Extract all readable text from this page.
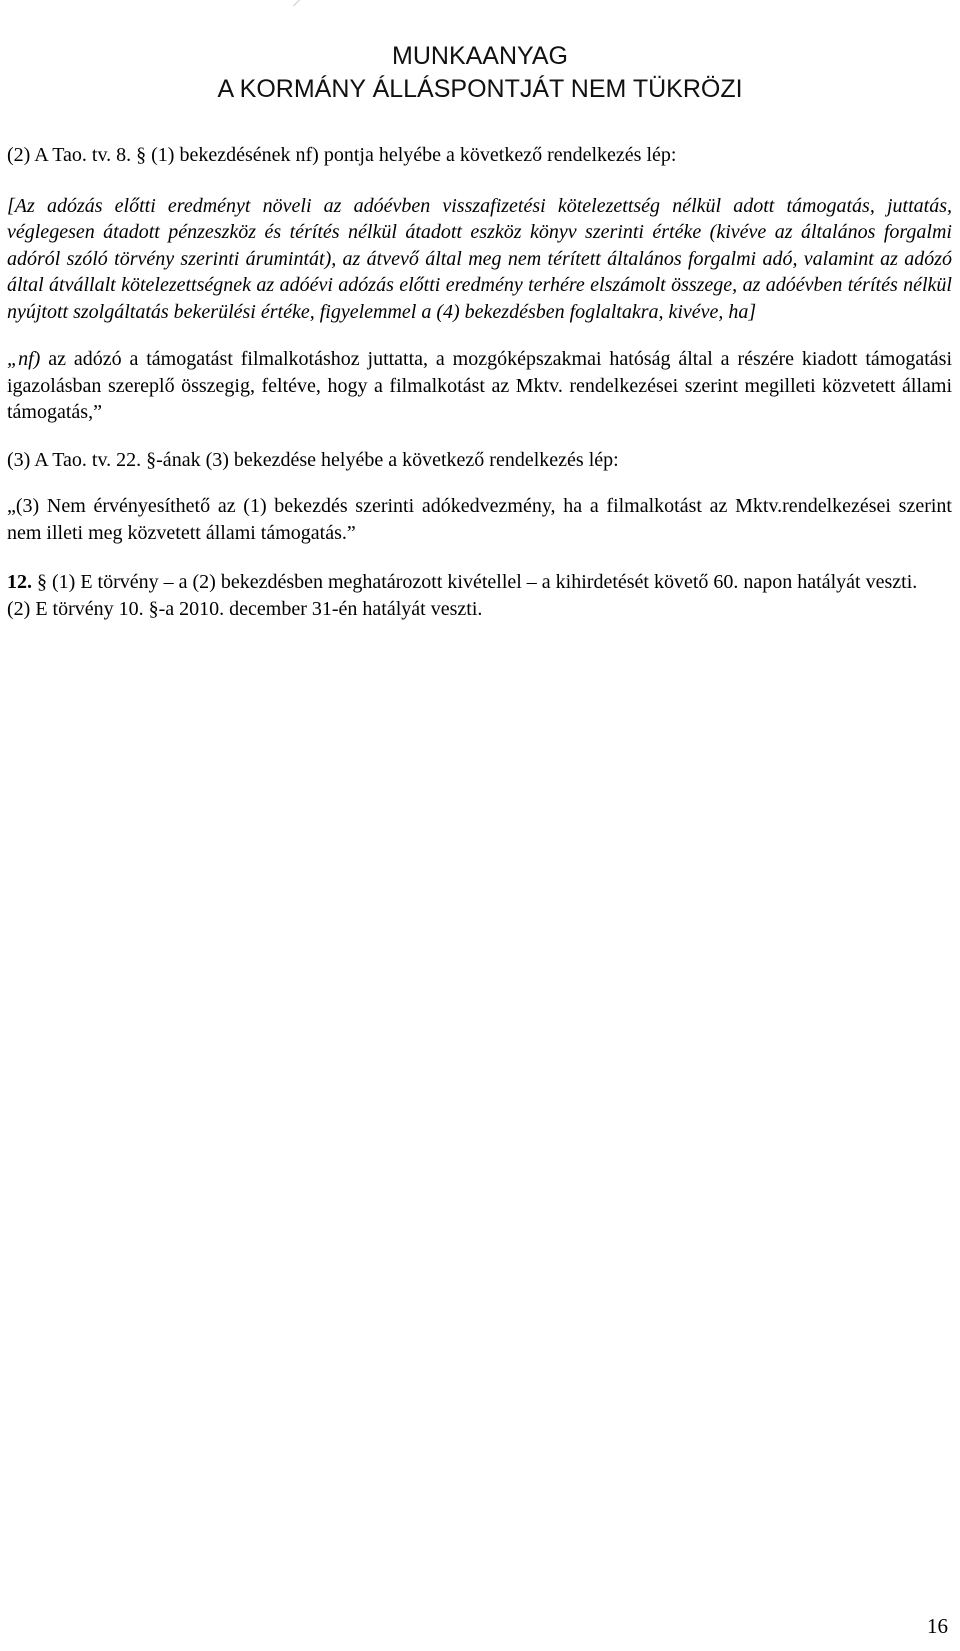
MUNKAANYAG
A KORMÁNY ÁLLÁSPONTJÁT NEM TÜKRÖZI

(2) A Tao. tv. 8. § (1) bekezdésének nf) pontja helyébe a következő rendelkezés lép:

[Az adózás előtti eredményt növeli az adóévben visszafizetési kötelezettség nélkül adott támogatás, juttatás, véglegesen átadott pénzeszköz és térítés nélkül átadott eszköz könyv szerinti értéke (kivéve az általános forgalmi adóról szóló törvény szerinti árumintát), az átvevő által meg nem térített általános forgalmi adó, valamint az adózó által átvállalt kötelezettségnek az adóévi adózás előtti eredmény terhére elszámolt összege, az adóévben térítés nélkül nyújtott szolgáltatás bekerülési értéke, figyelemmel a (4) bekezdésben foglaltakra, kivéve, ha]

„nf) az adózó a támogatást filmalkotáshoz juttatta, a mozgóképszakmai hatóság által a részére kiadott támogatási igazolásban szereplő összegig, feltéve, hogy a filmalkotást az Mktv. rendelkezései szerint megilleti közvetett állami támogatás,”

(3) A Tao. tv. 22. §-ának (3) bekezdése helyébe a következő rendelkezés lép:

„(3) Nem érvényesíthető az (1) bekezdés szerinti adókedvezmény, ha a filmalkotást az Mktv.rendelkezései szerint nem illeti meg közvetett állami támogatás.”

12. § (1) E törvény – a (2) bekezdésben meghatározott kivétellel – a kihirdetését követő 60. napon hatályát veszti.

(2) E törvény 10. §-a 2010. december 31-én hatályát veszti.

16
